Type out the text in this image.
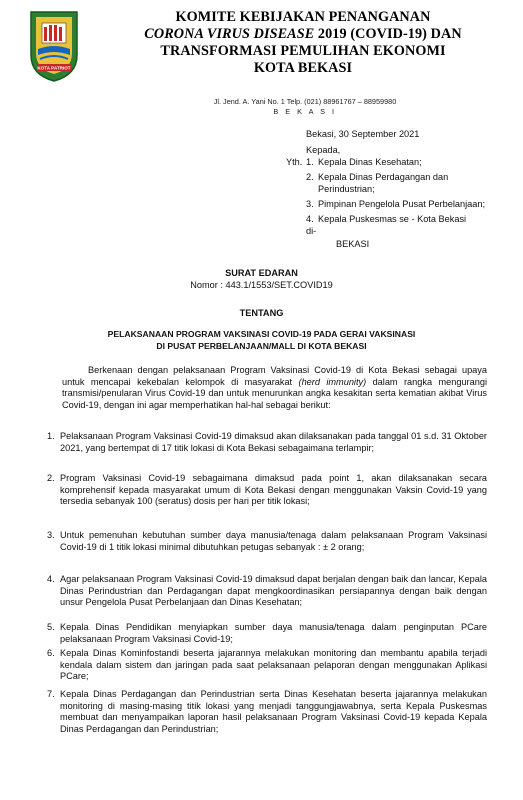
KOTA PATRIOT
KOMITE KEBIJAKAN PENANGANAN
CORONA VIRUS DISEASE 2019 (COVID-19) DAN
TRANSFORMASI PEMULIHAN EKONOMI
KOTA BEKASI
Jl. Jend. A. Yani No. 1 Telp. (021) 88961767 – 88959980
B E K A S I
Bekasi, 30 September 2021
Kepada,
Yth. 1. Kepala Dinas Kesehatan;
2. Kepala Dinas Perdagangan dan
Perindustrian;
3. Pimpinan Pengelola Pusat Perbelanjaan;
4. Kepala Puskesmas se - Kota Bekasi
di-
BEKASI
SURAT EDARAN
Nomor : 443.1/1553/SET.COVID19
TENTANG
PELAKSANAAN PROGRAM VAKSINASI COVID-19 PADA GERAI VAKSINASI
DI PUSAT PERBELANJAAN/MALL DI KOTA BEKASI
Berkenaan dengan pelaksanaan Program Vaksinasi Covid-19 di Kota Bekasi sebagai upaya untuk mencapai kekebalan kelompok di masyarakat (herd immunity) dalam rangka mengurangi transmisi/penularan Virus Covid-19 dan untuk menurunkan angka kesakitan serta kematian akibat Virus Covid-19, dengan ini agar memperhatikan hal-hal sebagai berikut:
1. Pelaksanaan Program Vaksinasi Covid-19 dimaksud akan dilaksanakan pada tanggal 01 s.d. 31 Oktober 2021, yang bertempat di 17 titik lokasi di Kota Bekasi sebagaimana terlampir;
2. Program Vaksinasi Covid-19 sebagaimana dimaksud pada point 1, akan dilaksanakan secara komprehensif kepada masyarakat umum di Kota Bekasi dengan menggunakan Vaksin Covid-19 yang tersedia sebanyak 100 (seratus) dosis per hari per titik lokasi;
3. Untuk pemenuhan kebutuhan sumber daya manusia/tenaga dalam pelaksanaan Program Vaksinasi Covid-19 di 1 titik lokasi minimal dibutuhkan petugas sebanyak : ± 2 orang;
4. Agar pelaksanaan Program Vaksinasi Covid-19 dimaksud dapat berjalan dengan baik dan lancar, Kepala Dinas Perindustrian dan Perdagangan dapat mengkoordinasikan persiapannya dengan baik dengan unsur Pengelola Pusat Perbelanjaan dan Dinas Kesehatan;
5. Kepala Dinas Pendidikan menyiapkan sumber daya manusia/tenaga dalam penginputan PCare pelaksanaan Program Vaksinasi Covid-19;
6. Kepala Dinas Kominfostandi beserta jajarannya melakukan monitoring dan membantu apabila terjadi kendala dalam sistem dan jaringan pada saat pelaksanaan pelaporan dengan menggunakan Aplikasi PCare;
7. Kepala Dinas Perdagangan dan Perindustrian serta Dinas Kesehatan beserta jajarannya melakukan monitoring di masing-masing titik lokasi yang menjadi tanggungjawabnya, serta Kepala Puskesmas membuat dan menyampaikan laporan hasil pelaksanaan Program Vaksinasi Covid-19 kepada Kepala Dinas Perdagangan dan Perindustrian;
